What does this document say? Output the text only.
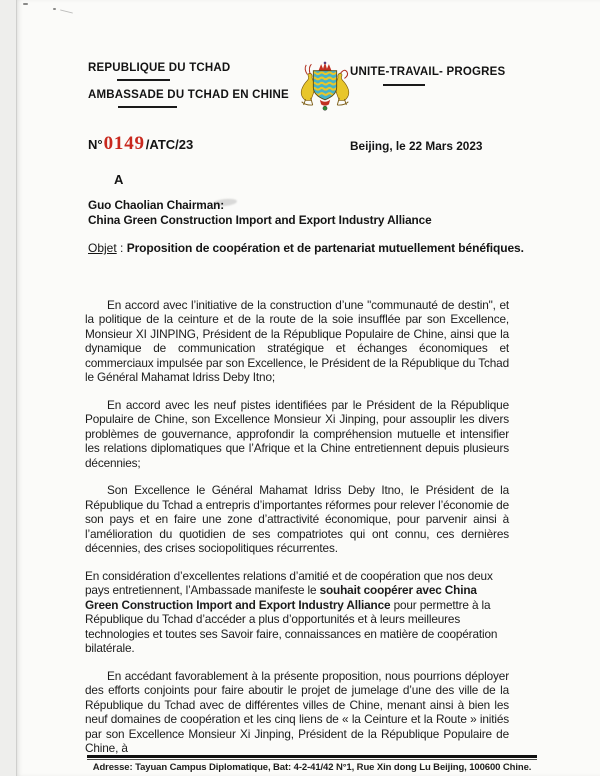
REPUBLIQUE DU TCHAD
AMBASSADE DU TCHAD EN CHINE
UNITE-TRAVAIL- PROGRES
N° 0149 /ATC/23	Beijing, le 22 Mars 2023
A
Guo Chaolian Chairman:
China Green Construction Import and Export Industry Alliance
Objet : Proposition de coopération et de partenariat mutuellement bénéfiques.

En accord avec l’initiative de la construction d’une "communauté de destin", et la politique de la ceinture et de la route de la soie insufflée par son Excellence, Monsieur XI JINPING, Président de la République Populaire de Chine, ainsi que la dynamique de communication stratégique et échanges économiques et commerciaux impulsée par son Excellence, le Président de la République du Tchad le Général Mahamat Idriss Deby Itno;

En accord avec les neuf pistes identifiées par le Président de la République Populaire de Chine, son Excellence Monsieur Xi Jinping, pour assouplir les divers problèmes de gouvernance, approfondir la compréhension mutuelle et intensifier les relations diplomatiques que l’Afrique et la Chine entretiennent depuis plusieurs décennies;

Son Excellence le Général Mahamat Idriss Deby Itno, le Président de la République du Tchad a entrepris d’importantes réformes pour relever l’économie de son pays et en faire une zone d’attractivité économique, pour parvenir ainsi à l’amélioration du quotidien de ses compatriotes qui ont connu, ces dernières décennies, des crises sociopolitiques récurrentes.

En considération d’excellentes relations d’amitié et de coopération que nos deux pays entretiennent, l’Ambassade manifeste le souhait coopérer avec China Green Construction Import and Export Industry Alliance pour permettre à la République du Tchad d’accéder a plus d’opportunités et à leurs meilleures technologies et toutes ses Savoir faire, connaissances en matière de coopération bilatérale.

En accédant favorablement à la présente proposition, nous pourrions déployer des efforts conjoints pour faire aboutir le projet de jumelage d’une des ville de la République du Tchad avec de différentes villes de Chine, menant ainsi à bien les neuf domaines de coopération et les cinq liens de « la Ceinture et la Route » initiés par son Excellence Monsieur Xi Jinping, Président de la République Populaire de Chine, à

Adresse: Tayuan Campus Diplomatique, Bat: 4-2-41/42 N°1, Rue Xin dong Lu Beijing, 100600 Chine.
